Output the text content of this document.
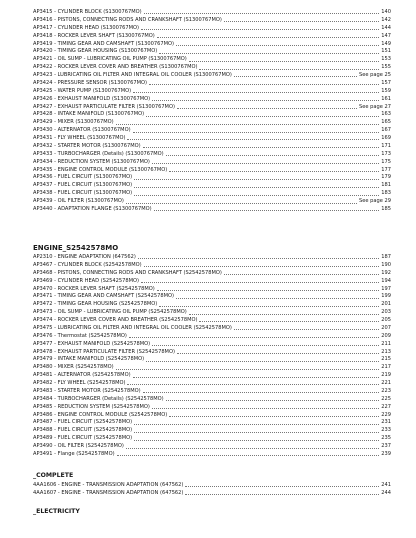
AP3415 - CYLINDER BLOCK (S1300767MO)	140
AP3416 - PISTONS, CONNECTING RODS AND CRANKSHAFT (S1300767MO)	142
AP3417 - CYLINDER HEAD (S1300767MO)	144
AP3418 - ROCKER LEVER SHAFT (S1300767MO)	147
AP3419 - TIMING GEAR AND CAMSHAFT (S1300767MO)	149
AP3420 - TIMING GEAR HOUSING (S1300767MO)	151
AP3421 - OIL SUMP - LUBRICATING OIL PUMP (S1300767MO)	153
AP3422 - ROCKER LEVER COVER AND BREATHER (S1300767MO)	155
AP3423 - LUBRICATING OIL FILTER AND INTEGRAL OIL COOLER (S1300767MO)	See page 25
AP3424 - PRESSURE SENSOR (S1300767MO)	157
AP3425 - WATER PUMP (S1300767MO)	159
AP3426 - EXHAUST MANIFOLD (S1300767MO)	161
AP3427 - EXHAUST PARTICULATE FILTER (S1300767MO)	See page 27
AP3428 - INTAKE MANIFOLD (S1300767MO)	163
AP3429 - MIXER (S1300767MO)	165
AP3430 - ALTERNATOR (S1300767MO)	167
AP3431 - FLY WHEEL (S1300767MO)	169
AP3432 - STARTER MOTOR (S1300767MO)	171
AP3433 - TURBOCHARGER (Details) (S1300767MO)	173
AP3434 - REDUCTION SYSTEM (S1300767MO)	175
AP3435 - ENGINE CONTROL MODULE (S1300767MO)	177
AP3436 - FUEL CIRCUIT (S1300767MO)	179
AP3437 - FUEL CIRCUIT (S1300767MO)	181
AP3438 - FUEL CIRCUIT (S1300767MO)	183
AP3439 - OIL FILTER (S1300767MO)	See page 29
AP3440 - ADAPTATION FLANGE (S1300767MO)	185
ENGINE_S2542578MO
AP2310 - ENGINE ADAPTATION (647562)	187
AP3467 - CYLINDER BLOCK (S2542578MO)	190
AP3468 - PISTONS, CONNECTING RODS AND CRANKSHAFT (S2542578MO)	192
AP3469 - CYLINDER HEAD (S2542578MO)	194
AP3470 - ROCKER LEVER SHAFT (S2542578MO)	197
AP3471 - TIMING GEAR AND CAMSHAFT (S2542578MO)	199
AP3472 - TIMING GEAR HOUSING (S2542578MO)	201
AP3473 - OIL SUMP - LUBRICATING OIL PUMP (S2542578MO)	203
AP3474 - ROCKER LEVER COVER AND BREATHER (S2542578MO)	205
AP3475 - LUBRICATING OIL FILTER AND INTEGRAL OIL COOLER (S2542578MO)	207
AP3476 - Thermostat (S2542578MO)	209
AP3477 - EXHAUST MANIFOLD (S2542578MO)	211
AP3478 - EXHAUST PARTICULATE FILTER (S2542578MO)	213
AP3479 - INTAKE MANIFOLD (S2542578MO)	215
AP3480 - MIXER (S2542578MO)	217
AP3481 - ALTERNATOR (S2542578MO)	219
AP3482 - FLY WHEEL (S2542578MO)	221
AP3483 - STARTER MOTOR (S2542578MO)	223
AP3484 - TURBOCHARGER (Details) (S2542578MO)	225
AP3485 - REDUCTION SYSTEM (S2542578MO)	227
AP3486 - ENGINE CONTROL MODULE (S2542578MO)	229
AP3487 - FUEL CIRCUIT (S2542578MO)	231
AP3488 - FUEL CIRCUIT (S2542578MO)	233
AP3489 - FUEL CIRCUIT (S2542578MO)	235
AP3490 - OIL FILTER (S2542578MO)	237
AP3491 - Flange (S2542578MO)	239
_COMPLETE
4AA1606 - ENGINE - TRANSMISSION ADAPTATION (647562)	241
4AA1607 - ENGINE - TRANSMISSION ADAPTATION (647562)	244
_ELECTRICITY
